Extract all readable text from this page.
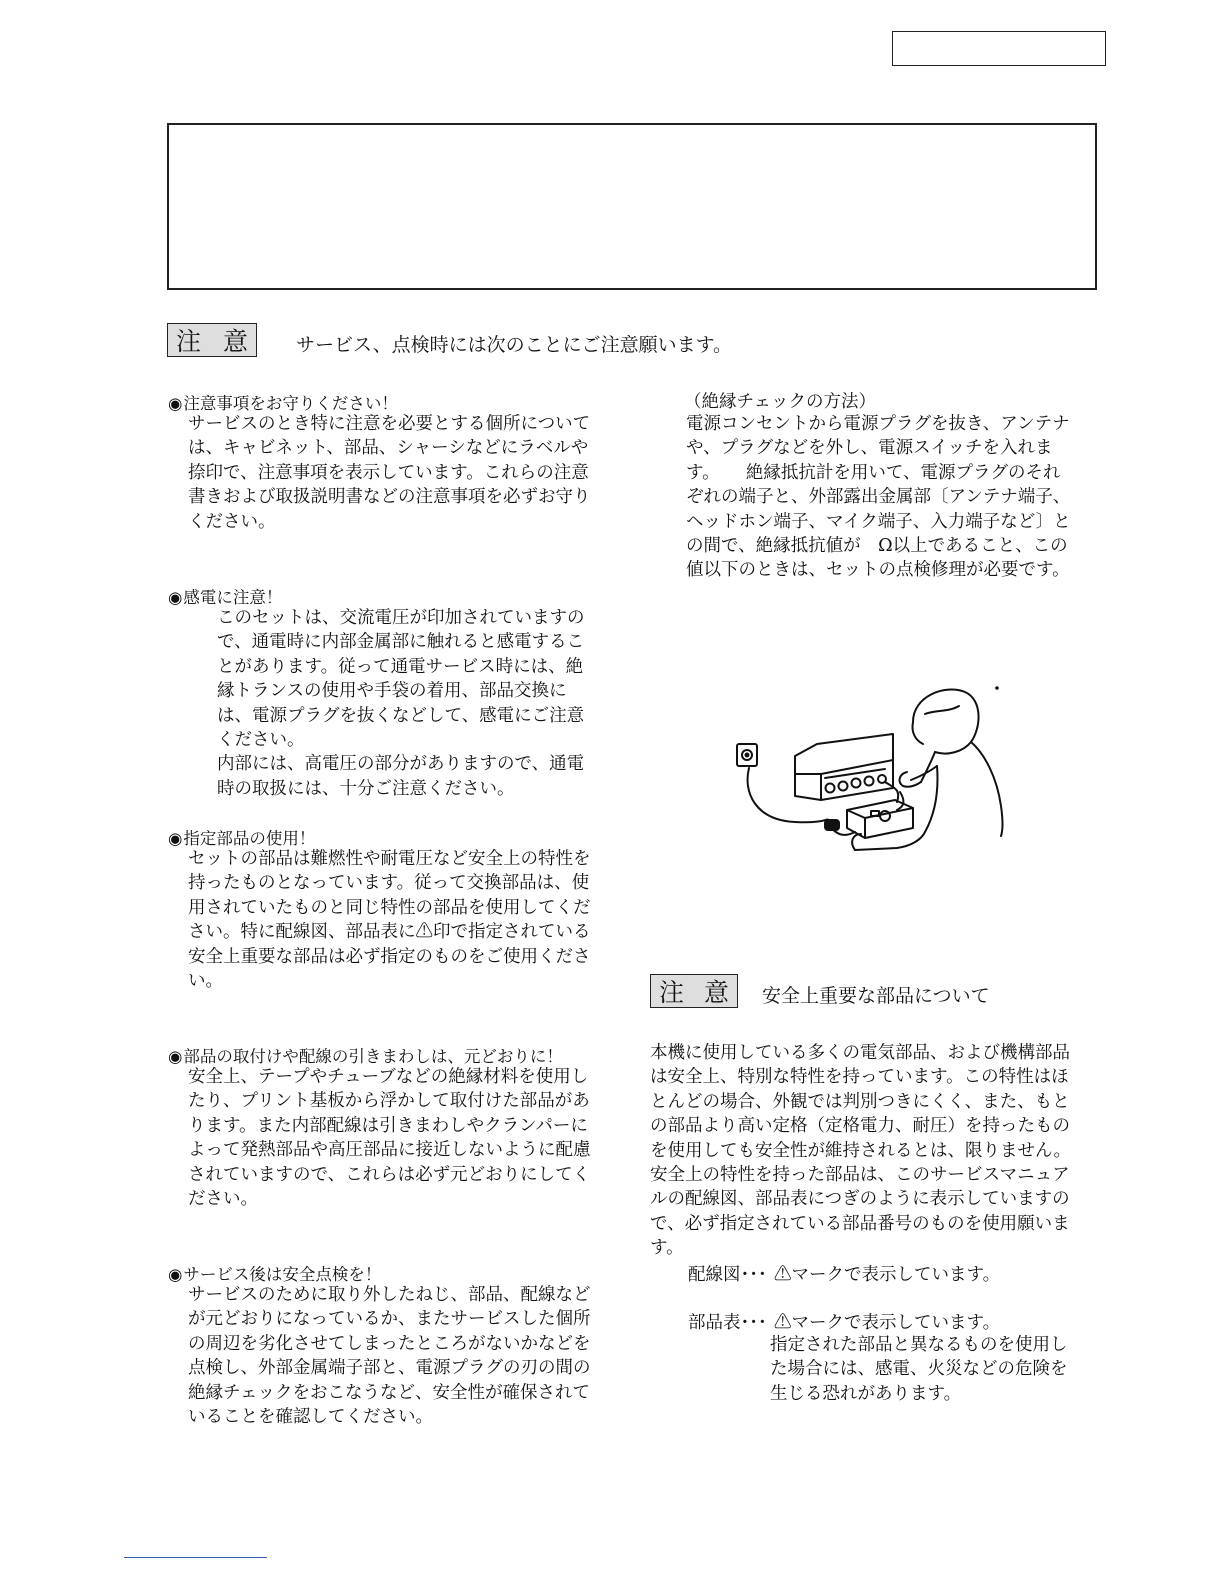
注 意	サービス、点検時には次のことにご注意願います。
◉注意事項をお守りください！
サービスのとき特に注意を必要とする個所について
は、キャビネット、部品、シャーシなどにラベルや
捺印で、注意事項を表示しています。これらの注意
書きおよび取扱説明書などの注意事項を必ずお守り
ください。
◉感電に注意！
このセットは、交流電圧が印加されていますの
で、通電時に内部金属部に触れると感電するこ
とがあります。従って通電サービス時には、絶
縁トランスの使用や手袋の着用、部品交換に
は、電源プラグを抜くなどして、感電にご注意
ください。
内部には、高電圧の部分がありますので、通電
時の取扱には、十分ご注意ください。
◉指定部品の使用！
セットの部品は難燃性や耐電圧など安全上の特性を
持ったものとなっています。従って交換部品は、使
用されていたものと同じ特性の部品を使用してくだ
さい。特に配線図、部品表に⚠印で指定されている
安全上重要な部品は必ず指定のものをご使用くださ
い。
◉部品の取付けや配線の引きまわしは、元どおりに！
安全上、テープやチューブなどの絶縁材料を使用し
たり、プリント基板から浮かして取付けた部品があ
ります。また内部配線は引きまわしやクランパーに
よって発熱部品や高圧部品に接近しないように配慮
されていますので、これらは必ず元どおりにしてく
ださい。
◉サービス後は安全点検を！
サービスのために取り外したねじ、部品、配線など
が元どおりになっているか、またサービスした個所
の周辺を劣化させてしまったところがないかなどを
点検し、外部金属端子部と、電源プラグの刃の間の
絶縁チェックをおこなうなど、安全性が確保されて
いることを確認してください。
（絶縁チェックの方法）
電源コンセントから電源プラグを抜き、アンテナ
や、プラグなどを外し、電源スイッチを入れま
す。　　絶縁抵抗計を用いて、電源プラグのそれ
ぞれの端子と、外部露出金属部〔アンテナ端子、
ヘッドホン端子、マイク端子、入力端子など〕と
の間で、絶縁抵抗値が　Ω以上であること、この
値以下のときは、セットの点検修理が必要です。
注 意 安全上重要な部品について
本機に使用している多くの電気部品、および機構部品
は安全上、特別な特性を持っています。この特性はほ
とんどの場合、外観では判別つきにくく、また、もと
の部品より高い定格（定格電力、耐圧）を持ったもの
を使用しても安全性が維持されるとは、限りません。
安全上の特性を持った部品は、このサービスマニュア
ルの配線図、部品表につぎのように表示していますの
で、必ず指定されている部品番号のものを使用願いま
す。
配線図･･･ ⚠マークで表示しています。
部品表･･･ ⚠マークで表示しています。
指定された部品と異なるものを使用し
た場合には、感電、火災などの危険を
生じる恐れがあります。
